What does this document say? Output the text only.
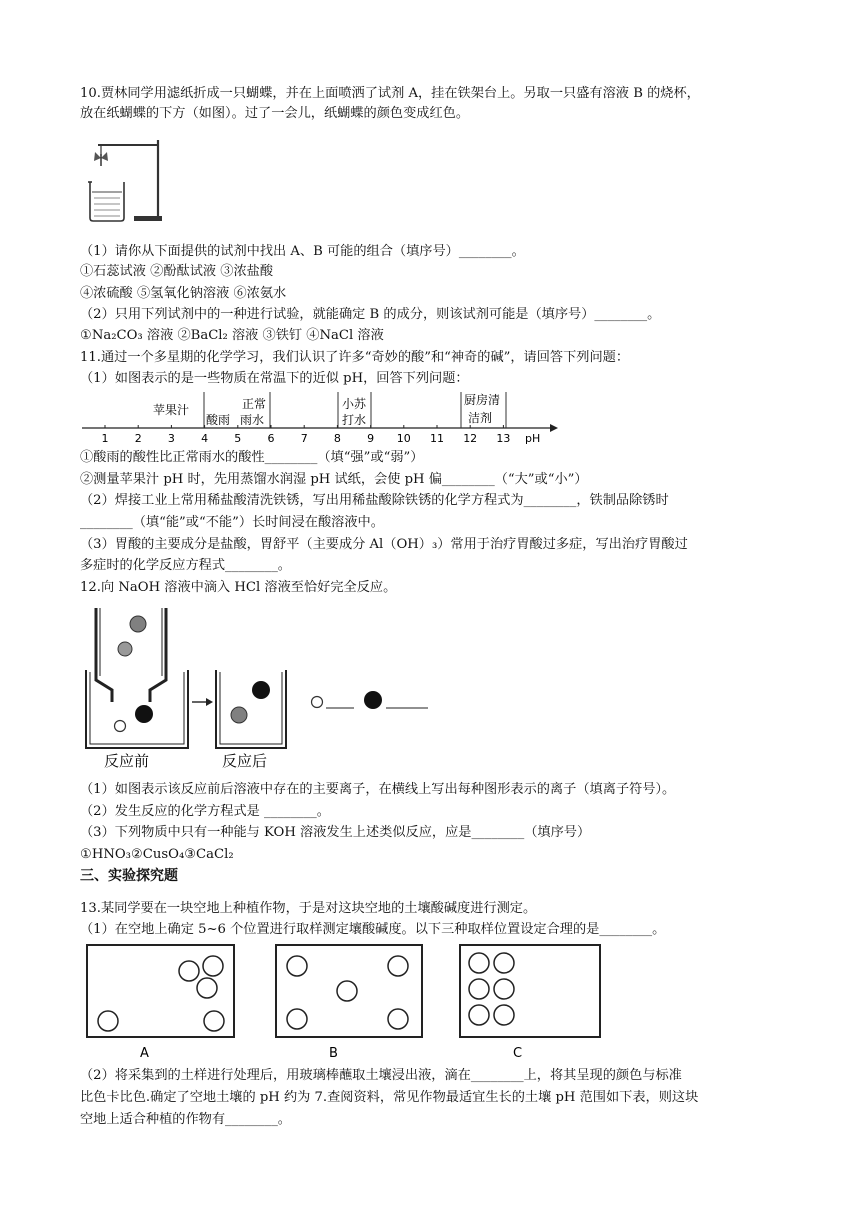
10.贾林同学用滤纸折成一只蝴蝶，并在上面喷洒了试剂 A，挂在铁架台上。另取一只盛有溶液 B 的烧杯，
放在纸蝴蝶的下方（如图）。过了一会儿，纸蝴蝶的颜色变成红色。
（1）请你从下面提供的试剂中找出 A、B 可能的组合（填序号）________。
①石蕊试液 ②酚酞试液 ③浓盐酸
④浓硫酸 ⑤氢氧化钠溶液 ⑥浓氨水
（2）只用下列试剂中的一种进行试验，就能确定 B 的成分，则该试剂可能是（填序号）________。
①Na₂CO₃ 溶液 ②BaCl₂ 溶液 ③铁钉 ④NaCl 溶液
11.通过一个多星期的化学学习，我们认识了许多“奇妙的酸”和“神奇的碱”，请回答下列问题：
（1）如图表示的是一些物质在常温下的近似 pH，回答下列问题：
1 2 3 4 5 6 7 8 9 10 11 12 13
苹果汁
酸雨
正常
雨水
小苏
打水
厨房清
洁剂
pH
①酸雨的酸性比正常雨水的酸性________（填“强”或“弱”）
②测量苹果汁 pH 时，先用蒸馏水润湿 pH 试纸，会使 pH 偏________（“大”或“小”）
（2）焊接工业上常用稀盐酸清洗铁锈，写出用稀盐酸除铁锈的化学方程式为________，铁制品除锈时
________（填“能”或“不能”）长时间浸在酸溶液中。
（3）胃酸的主要成分是盐酸，胃舒平（主要成分 Al（OH）₃）常用于治疗胃酸过多症，写出治疗胃酸过
多症时的化学反应方程式________。
12.向 NaOH 溶液中滴入 HCl 溶液至恰好完全反应。
反应前	反应后
（1）如图表示该反应前后溶液中存在的主要离子，在横线上写出每种图形表示的离子（填离子符号）。
（2）发生反应的化学方程式是 ________。
（3）下列物质中只有一种能与 KOH 溶液发生上述类似反应，应是________（填序号）
①HNO₃②CusO₄③CaCl₂
三、实验探究题
13.某同学要在一块空地上种植作物，于是对这块空地的土壤酸碱度进行测定。
（1）在空地上确定 5~6 个位置进行取样测定壤酸碱度。以下三种取样位置设定合理的是________。
A	B	C
（2）将采集到的土样进行处理后，用玻璃棒蘸取土壤浸出液，滴在________上，将其呈现的颜色与标准
比色卡比色.确定了空地土壤的 pH 约为 7.查阅资料，常见作物最适宜生长的土壤 pH 范围如下表，则这块
空地上适合种植的作物有________。
